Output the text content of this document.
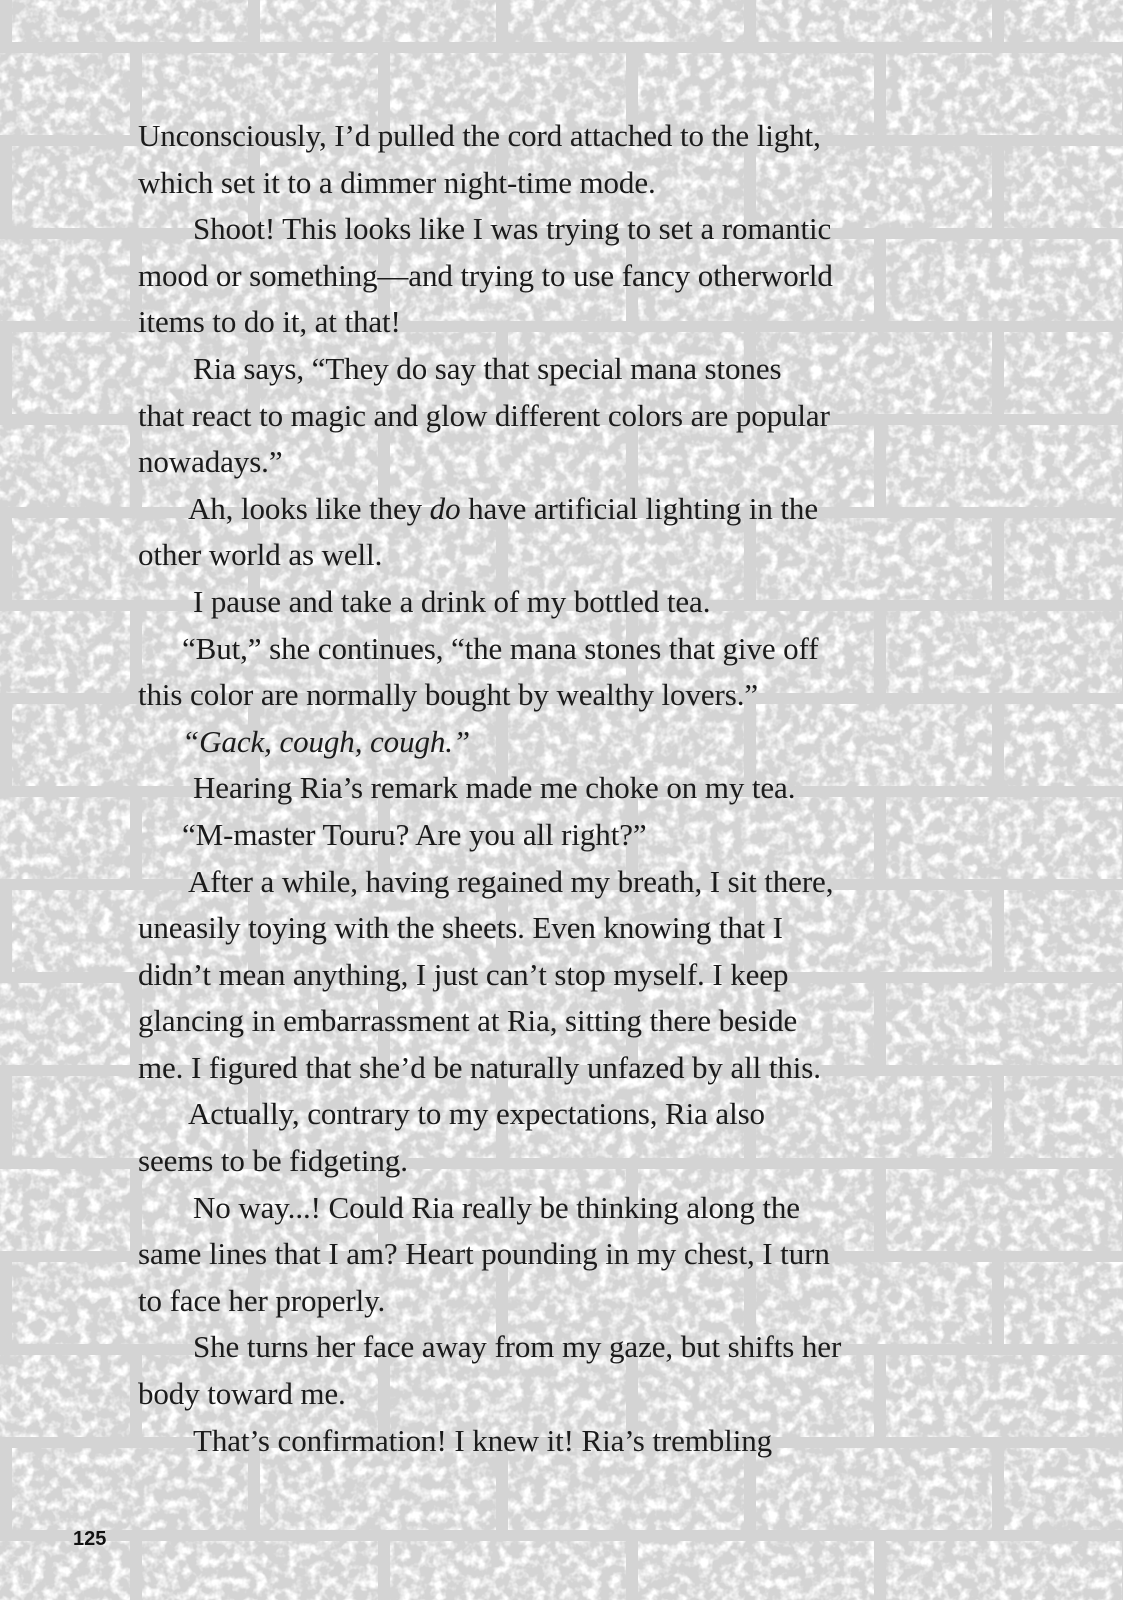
Unconsciously, I’d pulled the cord attached to the light,
which set it to a dimmer night-time mode.
Shoot! This looks like I was trying to set a romantic
mood or something—and trying to use fancy otherworld
items to do it, at that!
Ria says, “They do say that special mana stones
that react to magic and glow different colors are popular
nowadays.”
Ah, looks like they do have artificial lighting in the
other world as well.
I pause and take a drink of my bottled tea.
“But,” she continues, “the mana stones that give off
this color are normally bought by wealthy lovers.”
“Gack, cough, cough.”
Hearing Ria’s remark made me choke on my tea.
“M-master Touru? Are you all right?”
After a while, having regained my breath, I sit there,
uneasily toying with the sheets. Even knowing that I
didn’t mean anything, I just can’t stop myself. I keep
glancing in embarrassment at Ria, sitting there beside
me. I figured that she’d be naturally unfazed by all this.
Actually, contrary to my expectations, Ria also
seems to be fidgeting.
No way...! Could Ria really be thinking along the
same lines that I am? Heart pounding in my chest, I turn
to face her properly.
She turns her face away from my gaze, but shifts her
body toward me.
That’s confirmation! I knew it! Ria’s trembling
125
